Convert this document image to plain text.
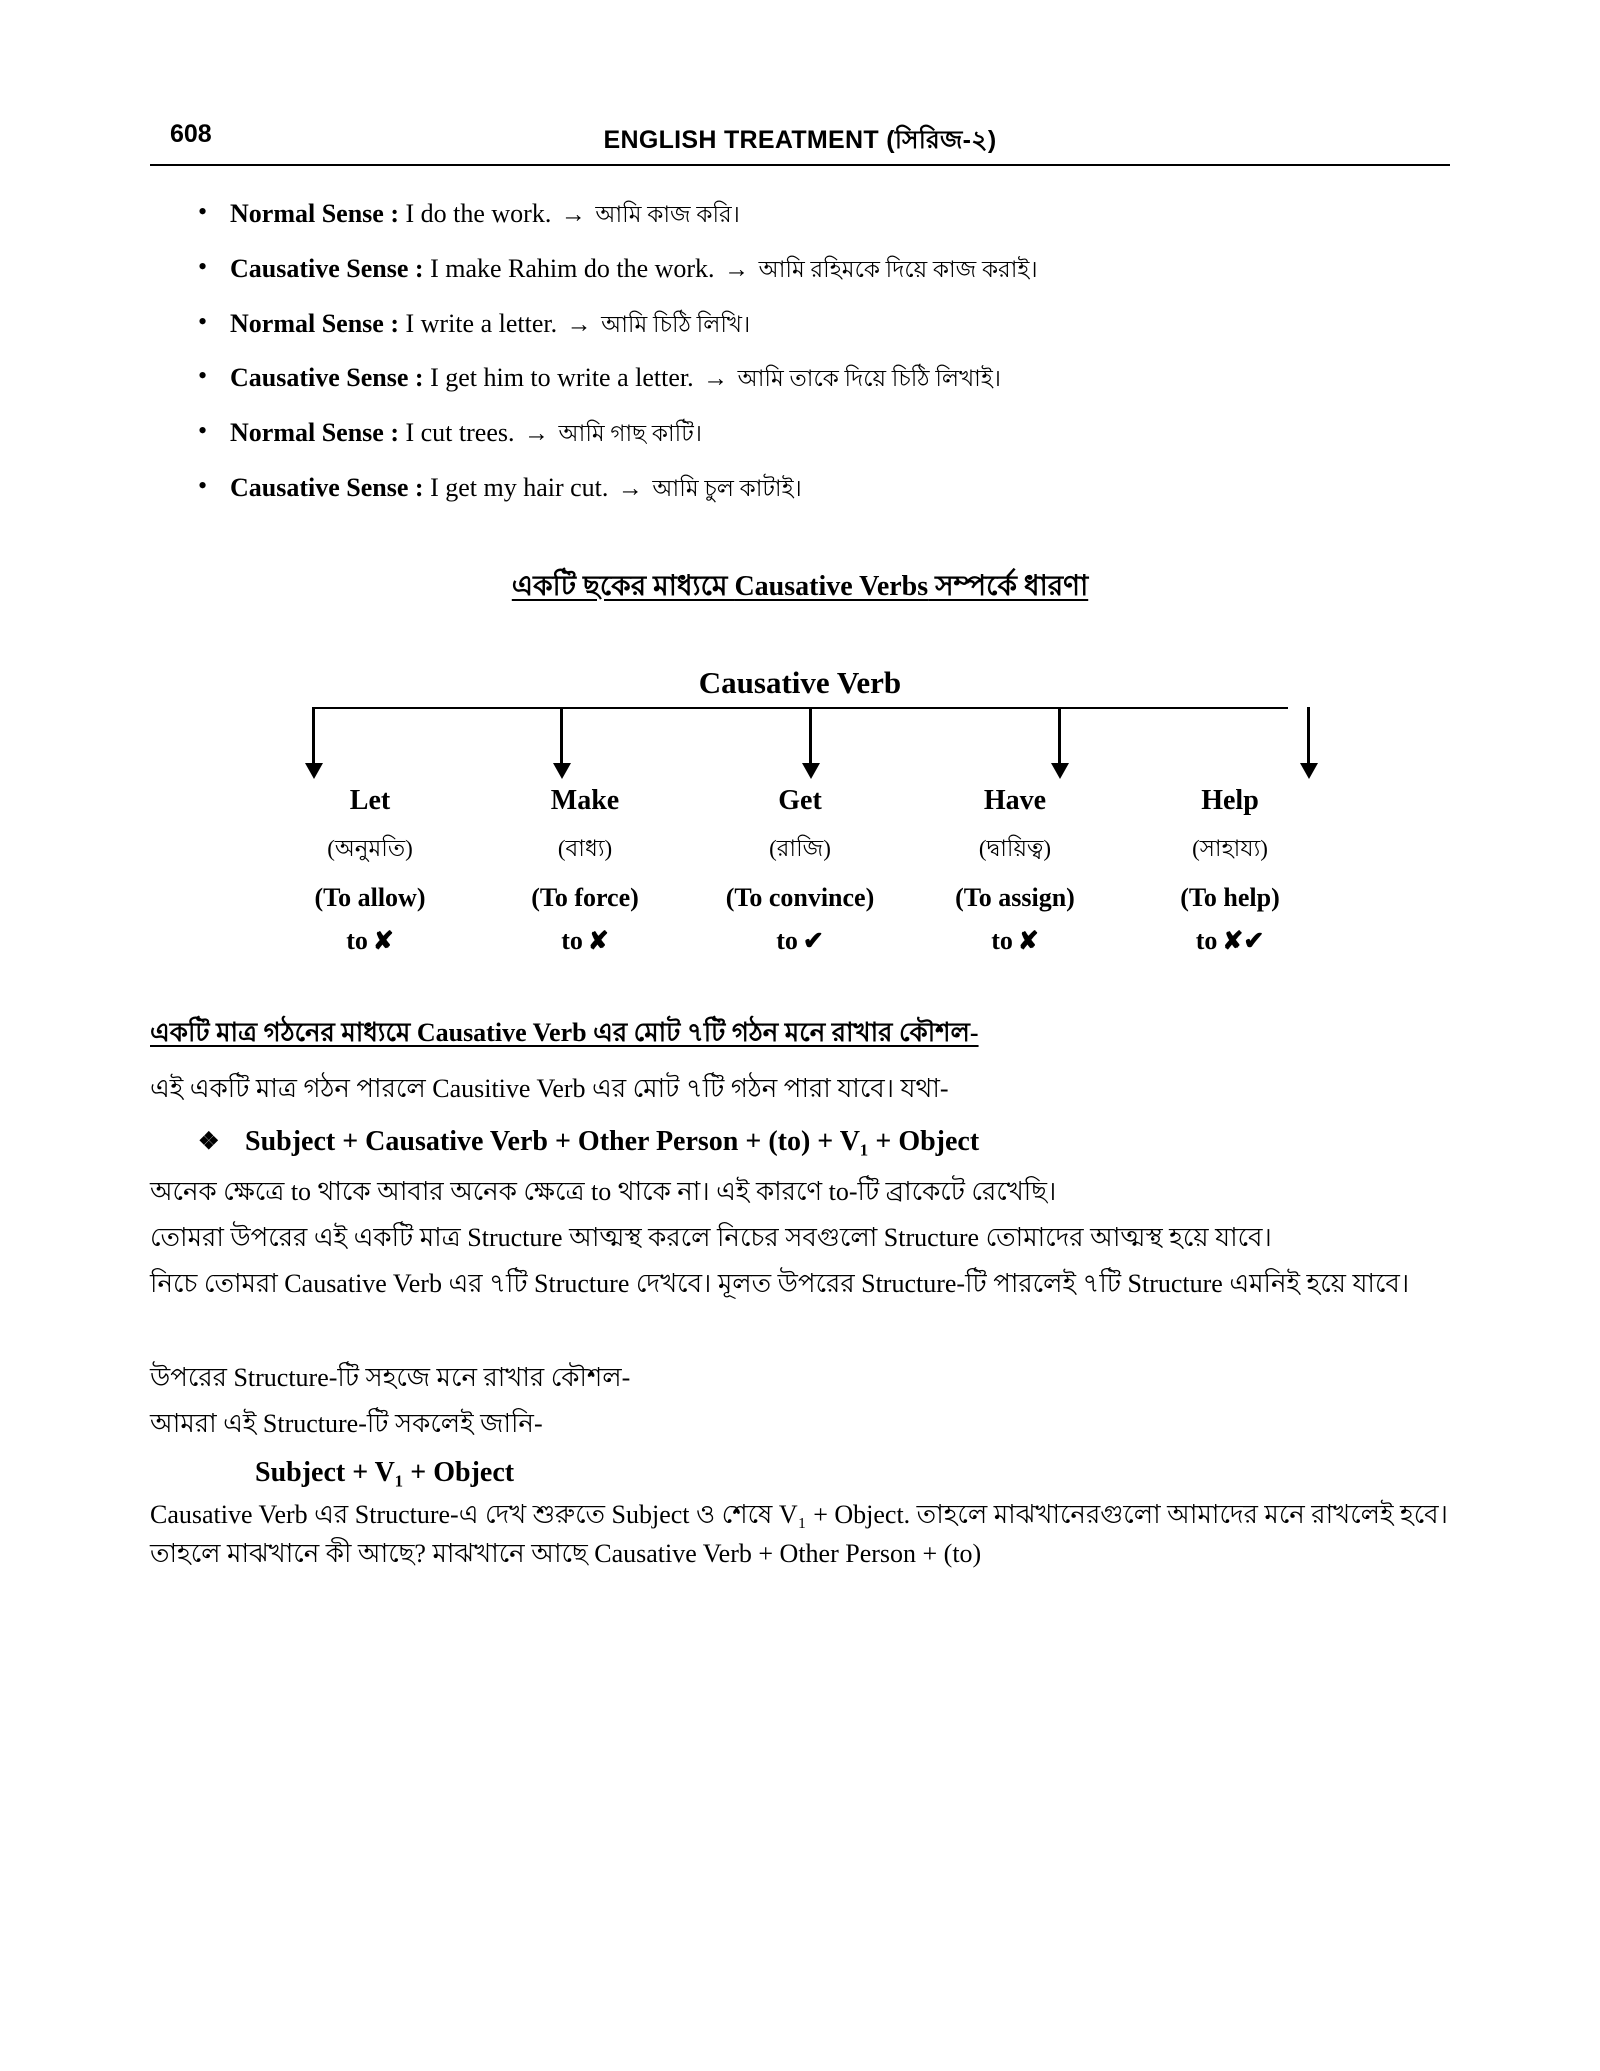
608	ENGLISH TREATMENT (সিরিজ-২)
• Normal Sense : I do the work. → আমি কাজ করি।
• Causative Sense : I make Rahim do the work. → আমি রহিমকে দিয়ে কাজ করাই।
• Normal Sense : I write a letter. → আমি চিঠি লিখি।
• Causative Sense : I get him to write a letter. → আমি তাকে দিয়ে চিঠি লিখাই।
• Normal Sense : I cut trees. → আমি গাছ কাটি।
• Causative Sense : I get my hair cut. → আমি চুল কাটাই।
একটি ছকের মাধ্যমে Causative Verbs সম্পর্কে ধারণা
Causative Verb
Let
(অনুমতি)
(To allow)
to ✘
Make
(বাধ্য)
(To force)
to ✘
Get
(রাজি)
(To convince)
to ✔
Have
(দ্বায়িত্ব)
(To assign)
to ✘
Help
(সাহায্য)
(To help)
to ✘✔
একটি মাত্র গঠনের মাধ্যমে Causative Verb এর মোট ৭টি গঠন মনে রাখার কৌশল-

এই একটি মাত্র গঠন পারলে Causitive Verb এর মোট ৭টি গঠন পারা যাবে। যথা-

❖ Subject + Causative Verb + Other Person + (to) + V₁ + Object

অনেক ক্ষেত্রে to থাকে আবার অনেক ক্ষেত্রে to থাকে না। এই কারণে to-টি ব্রাকেটে রেখেছি।

তোমরা উপরের এই একটি মাত্র Structure আত্মস্থ করলে নিচের সবগুলো Structure তোমাদের আত্মস্থ হয়ে যাবে।

নিচে তোমরা Causative Verb এর ৭টি Structure দেখবে। মূলত উপরের Structure-টি পারলেই ৭টি Structure এমনিই হয়ে যাবে।

উপরের Structure-টি সহজে মনে রাখার কৌশল-

আমরা এই Structure-টি সকলেই জানি-

Subject + V₁ + Object

Causative Verb এর Structure-এ দেখ শুরুতে Subject ও শেষে V₁ + Object. তাহলে মাঝখানেরগুলো আমাদের মনে রাখলেই হবে। তাহলে মাঝখানে কী আছে? মাঝখানে আছে Causative Verb + Other Person + (to)
